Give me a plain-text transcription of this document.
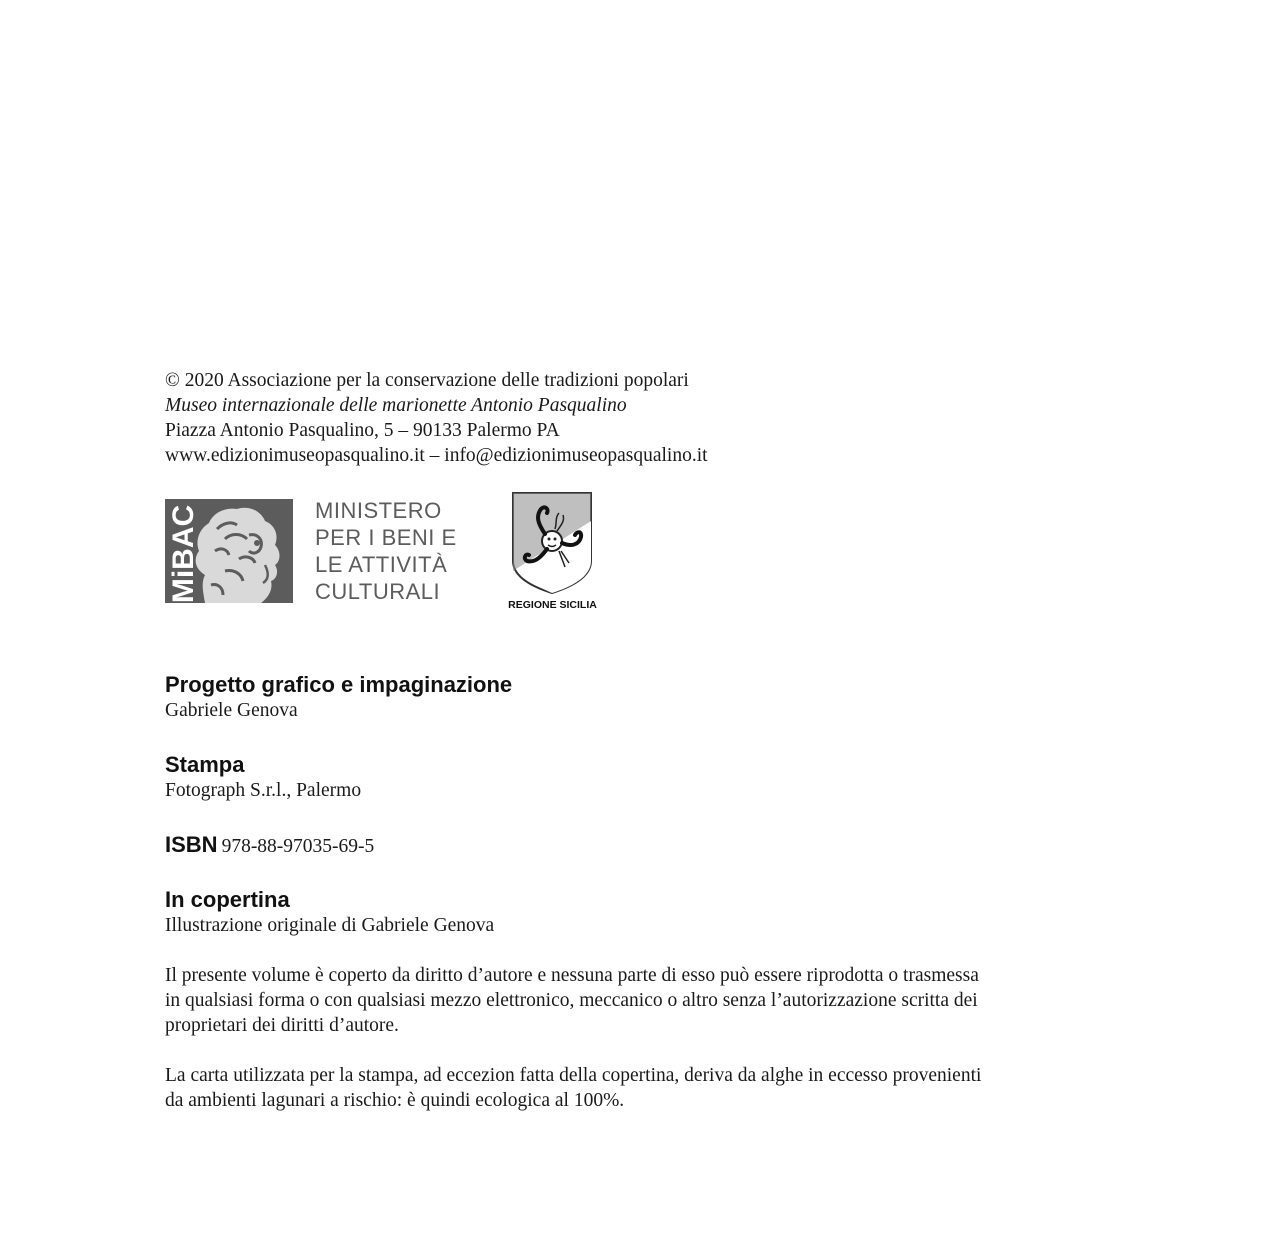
© 2020 Associazione per la conservazione delle tradizioni popolari
Museo internazionale delle marionette Antonio Pasqualino
Piazza Antonio Pasqualino, 5 – 90133 Palermo PA
www.edizionimuseopasqualino.it – info@edizionimuseopasqualino.it
MiBAC	MINISTERO
PER I BENI E
LE ATTIVITÀ
CULTURALI
REGIONE SICILIA
Progetto grafico e impaginazione
Gabriele Genova
Stampa
Fotograph S.r.l., Palermo
ISBN 978-88-97035-69-5
In copertina
Illustrazione originale di Gabriele Genova
Il presente volume è coperto da diritto d’autore e nessuna parte di esso può essere riprodotta o trasmessa
in qualsiasi forma o con qualsiasi mezzo elettronico, meccanico o altro senza l’autorizzazione scritta dei
proprietari dei diritti d’autore.
La carta utilizzata per la stampa, ad eccezion fatta della copertina, deriva da alghe in eccesso provenienti
da ambienti lagunari a rischio: è quindi ecologica al 100%.
